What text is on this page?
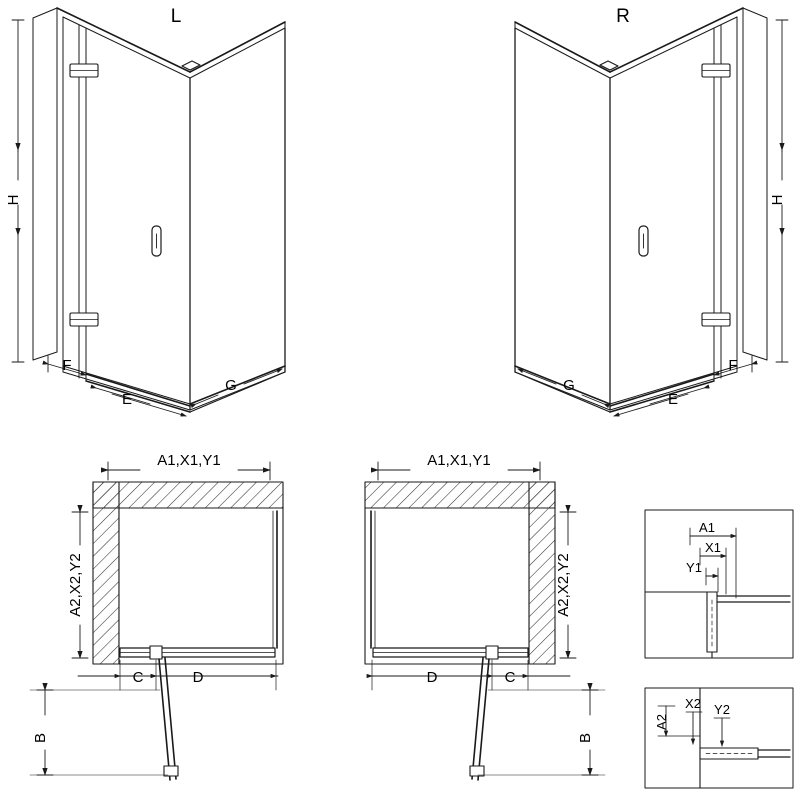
L	R
H	H
F
E
G
F
E
G
A1,X1,Y1
A2,X2,Y2
C	D
B
A1,X1,Y1
A2,X2,Y2
D	C
B
A1
X1
Y1
A2
X2 Y2
